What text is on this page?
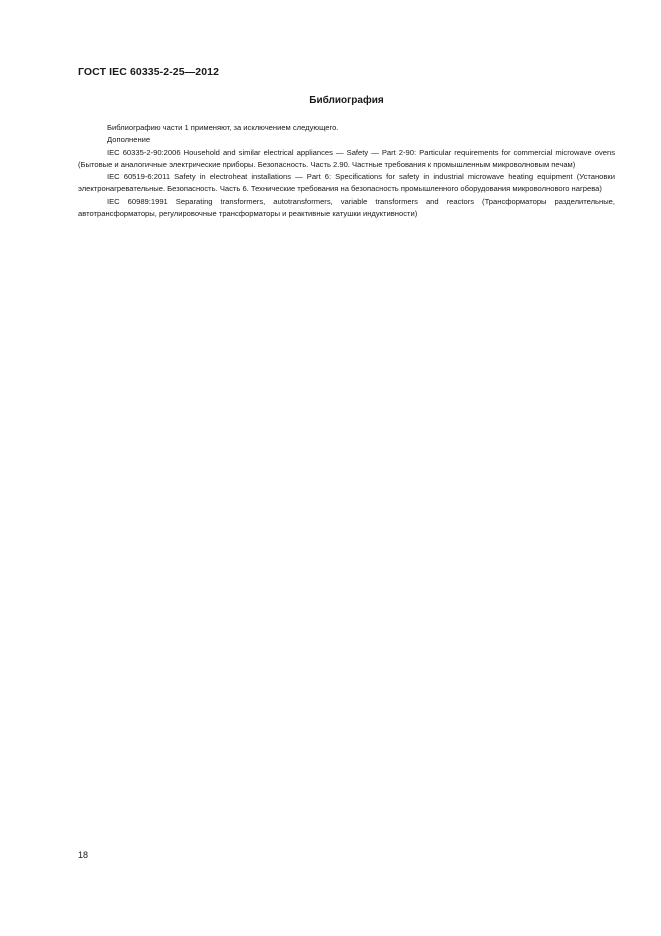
ГОСТ IEC 60335-2-25—2012
Библиография

Библиографию части 1 применяют, за исключением следующего.

Дополнение

IEC 60335-2-90:2006 Household and similar electrical appliances — Safety — Part 2-90: Particular requirements for commercial microwave ovens (Бытовые и аналогичные электрические приборы. Безопасность. Часть 2.90. Частные требования к промышленным микроволновым печам)

IEC 60519-6:2011 Safety in electroheat installations — Part 6: Specifications for safety in industrial microwave heating equipment (Установки электронагревательные. Безопасность. Часть 6. Технические требования на безопасность промышленного оборудования микроволнового нагрева)

IEC 60989:1991 Separating transformers, autotransformers, variable transformers and reactors (Трансформаторы разделительные, автотрансформаторы, регулировочные трансформаторы и реактивные катушки индуктивности)

18
